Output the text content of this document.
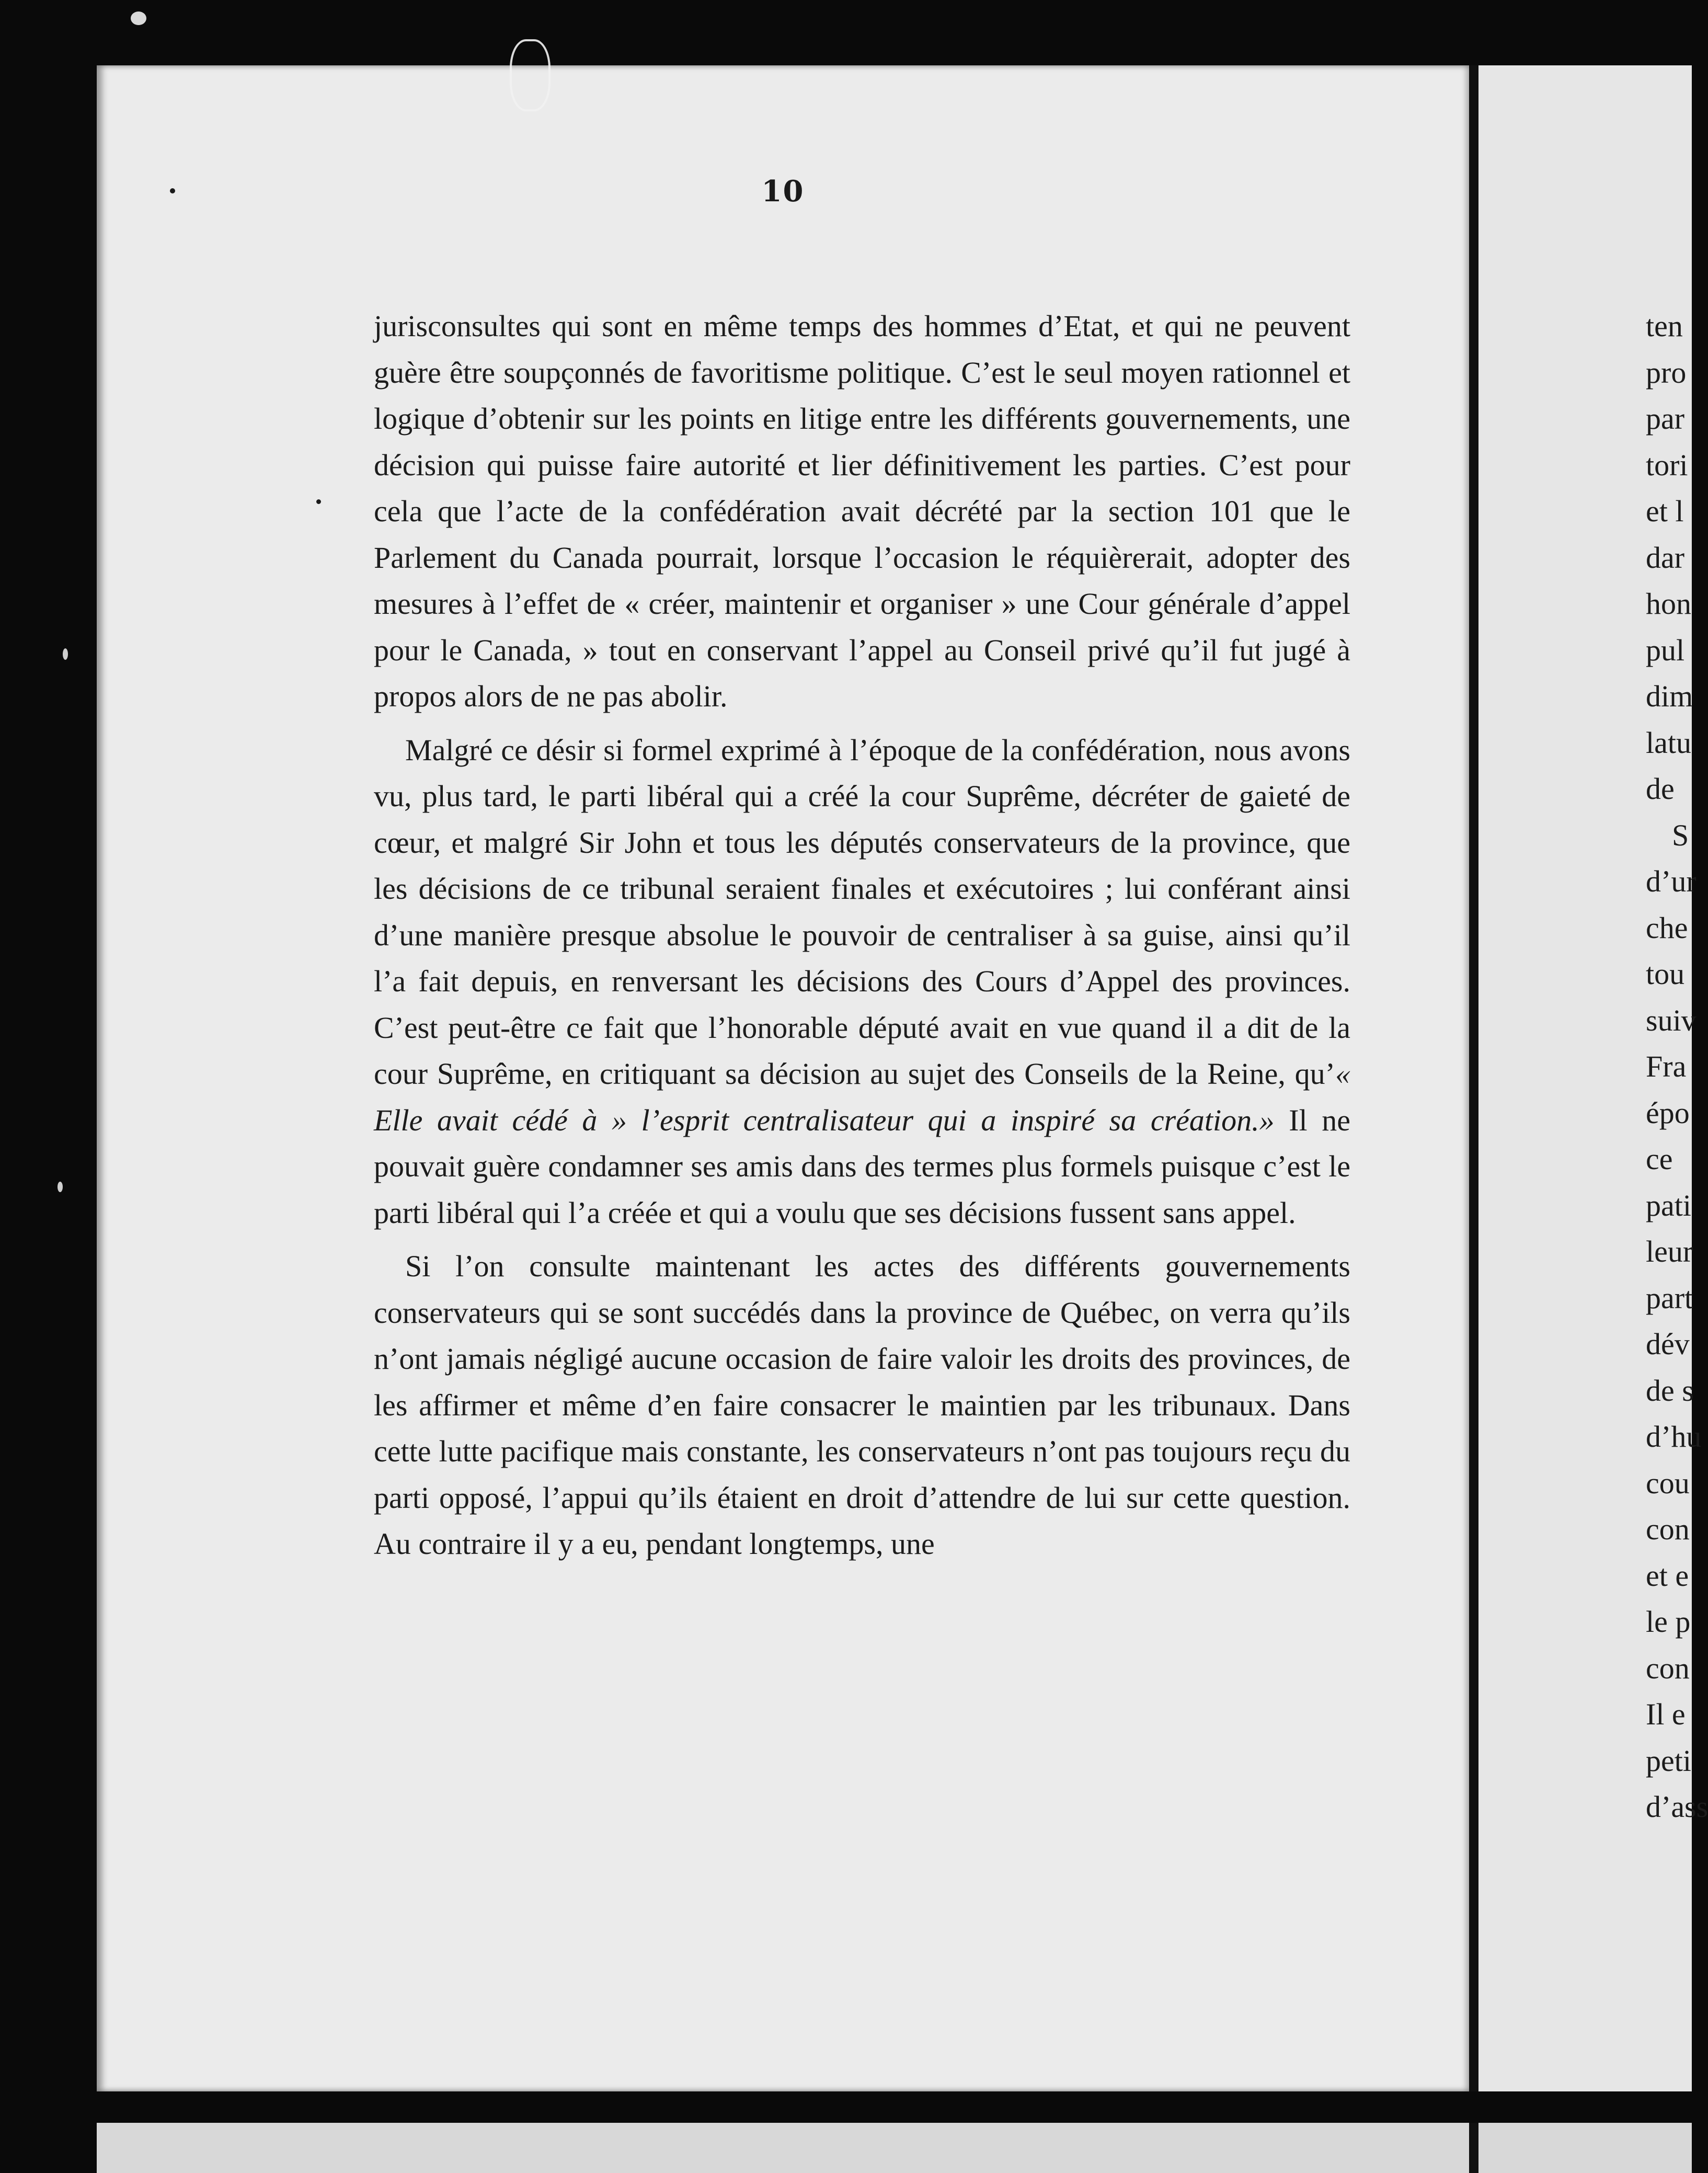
10

jurisconsultes qui sont en même temps des hommes d’Etat, et qui ne peuvent guère être soupçonnés de favoritisme politique. C’est le seul moyen rationnel et logique d’obtenir sur les points en litige entre les différents gouvernements, une décision qui puisse faire autorité et lier définitivement les parties. C’est pour cela que l’acte de la confédération avait décrété par la section 101 que le Parlement du Canada pourrait, lorsque l’occasion le réquièrerait, adopter des mesures à l’effet de « créer, maintenir et organiser » une Cour générale d’appel pour le Canada, » tout en conservant l’appel au Conseil privé qu’il fut jugé à propos alors de ne pas abolir.

Malgré ce désir si formel exprimé à l’époque de la confédération, nous avons vu, plus tard, le parti libéral qui a créé la cour Suprême, décréter de gaieté de cœur, et malgré Sir John et tous les députés conservateurs de la province, que les décisions de ce tribunal seraient finales et exécutoires ; lui conférant ainsi d’une manière presque absolue le pouvoir de centraliser à sa guise, ainsi qu’il l’a fait depuis, en renversant les décisions des Cours d’Appel des provinces. C’est peut-être ce fait que l’honorable député avait en vue quand il a dit de la cour Suprême, en critiquant sa décision au sujet des Conseils de la Reine, qu’« Elle avait cédé à » l’esprit centralisateur qui a inspiré sa création.» Il ne pouvait guère condamner ses amis dans des termes plus formels puisque c’est le parti libéral qui l’a créée et qui a voulu que ses décisions fussent sans appel.

Si l’on consulte maintenant les actes des différents gouvernements conservateurs qui se sont succédés dans la province de Québec, on verra qu’ils n’ont jamais négligé aucune occasion de faire valoir les droits des provinces, de les affirmer et même d’en faire consacrer le maintien par les tribunaux. Dans cette lutte pacifique mais constante, les conservateurs n’ont pas toujours reçu du parti opposé, l’appui qu’ils étaient en droit d’attendre de lui sur cette question. Au contraire il y a eu, pendant longtemps, une

ten
pro
par
tori
et l
dar
hon
pul
dim
latu
de
S
d’ur
che
tou
suiv
Fra
épo
ce
pati
leur
part
dév
de s
d’hu
cou
con
et e
le p
con
Il e
peti
d’ass
